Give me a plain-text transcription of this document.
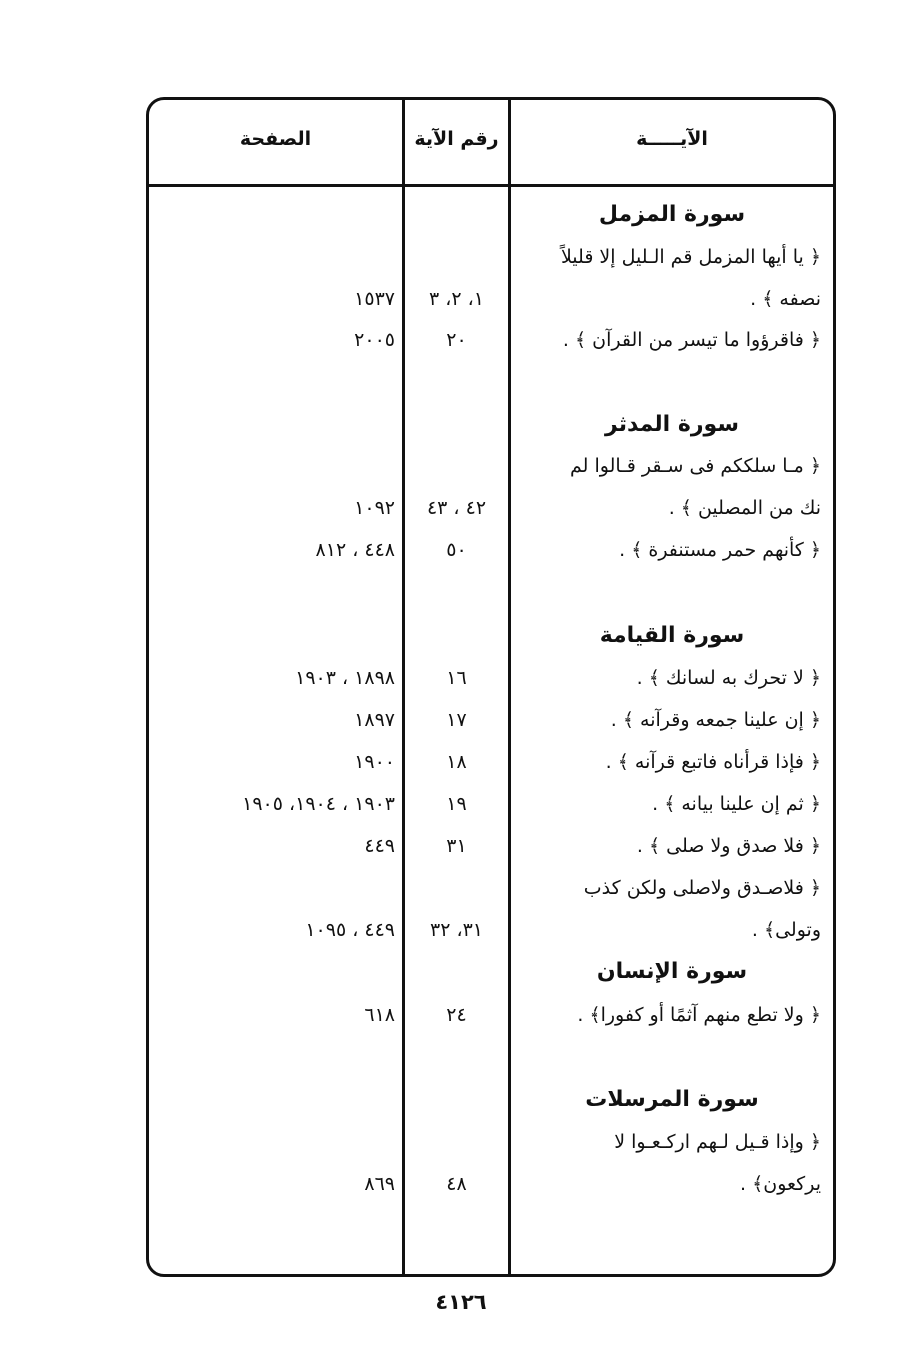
الآيـــــة
رقم الآية
الصفحة
سورة المزمل
﴿ يا أيها المزمل قم الـليل إلا قليلاً
نصفه ﴾ .
١، ٢، ٣
١٥٣٧
﴿ فاقرؤوا ما تيسر من القرآن ﴾ .
٢٠
٢٠٠٥
سورة المدثر
﴿ مـا سلككم فى سـقر قـالوا لم
نك من المصلين ﴾ .
٤٢ ، ٤٣
١٠٩٢
﴿ كأنهم حمر مستنفرة ﴾ .
٥٠
٤٤٨ ، ٨١٢
سورة القيامة
﴿ لا تحرك به لسانك ﴾ .
١٦
١٨٩٨ ، ١٩٠٣
﴿ إن علينا جمعه وقرآنه ﴾ .
١٧
١٨٩٧
﴿ فإذا قرأناه فاتبع قرآنه ﴾ .
١٨
١٩٠٠
﴿ ثم إن علينا بيانه ﴾ .
١٩
١٩٠٣ ، ١٩٠٤، ١٩٠٥
﴿ فلا صدق ولا صلى ﴾ .
٣١
٤٤٩
﴿ فلاصـدق ولاصلى ولكن كذب
وتولى﴾ .
٣١، ٣٢
٤٤٩ ، ١٠٩٥
سورة الإنسان
﴿ ولا تطع منهم آثمًا أو كفورا﴾ .
٢٤
٦١٨
سورة المرسلات
﴿ وإذا قـيل لـهم اركـعـوا لا
يركعون﴾ .
٤٨
٨٦٩
٤١٢٦
